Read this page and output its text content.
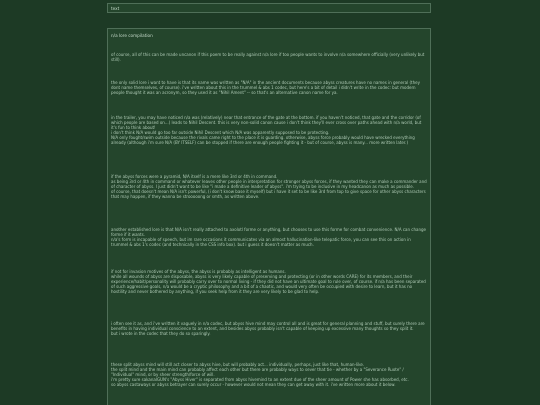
text
n/a lore compilation

of course, all of this can be made uncanon if this poem to be really against n/a lore if too people wants to involve n/a somewhere officially (very unlikely but still).

the only solid lore i want to have is that its name was written as "N/A" in the ancient documents because abyss creatures have no names in general (they dont name themselves, of course). i've written about this in the trummel & abs 1 codec, but here's a bit of detail i didn't write in the codec: but modern people thought it was an acronym, so they used it as "Nihil Ament" -- so that's an alternative canon name for ya.

in the trailer, you may have noticed n/a was (relatively) near that entrance of the gate at the bottom. if you haven't noticed, that gate and the corridor (of which people are based on...) leads to Nihil Descent. this is very non-solid canon cause i don't think they'll ever cross over paths ahead with n/a world, but it's fun to think about!

i don't think N/A would go too far outside Nihil Descent which N/A was apparently supposed to be protecting.

N/A only fought/swim outside because the rivals came right to the place it is guarding. otherwise, abyss force probably would have wrecked everything already (although i'm sure N/A (BY ITSELF) can be stopped if there are enough people fighting it - but of course, abyss is many... more written later.)

if the abyss forces were a pyramid, N/A itself is a mere like 3rd or 4th in command.

as being 3rd or 4th in command or whatever leaves other people in interpretation for stronger abyss forces, if they wanted they can make a commander and of character of abyss. I just didn't want to be like "i made a definitive leader of abyss". i'm trying to be inclusive in my headcanon as much as possible.

of course, that doesn't mean N/A isn't powerful, (i don't know base it myself) but i have it set to be like 3rd from top to give space for other abyss characters that may happen, if they wanna be strooooong or smth, as written above.

another established lore is that N/A isn't really attached to axolotl forme or anything, but chooses to use this forme for combat convenience. N/A can change forme if it wants.

n/a's form is incapable of speech, but im rare occasions it communicates via an almost hallucination-like telepatic force, you can see this on action in trummel & abs 1's codec (and technically in the CSS info box). but i guess it doesn't matter as much.

if not for invasion motives of the abyss, the abyss is probably as intelligent as humans.

while all wounds of abyss are disposable, abyss is very likely capable of preserving and protecting (or in other words CARE) for its members, and their experience/habit/personality will probably carry over to normal living - if they did not have an ultimate goal to rule over, of course. if n/a has been separated of such aggressive goals, n/a would be a cryptic philosophy and a bit of a chaotic, and would very often be occupied with desire to learn, but it has no hostility and never bothered by anything, if you seek help from it they are very likely to be glad to help.

i often see it as, and i've written it vaguely in n/a codec, but abyss hive mind may control all and is great for general planning and stuff, but surely there are benefits in having individual conscience to an extent, and besides abyss probably isn't capable of keeping up excessive many thoughts so they split it.

but i wrote in the codec that they do so sparingly.

these split abyss mind will still act closer to abyss hive, but will probably act... individually, perhaps, just like that, human-like.

the split mind and the main mind can probably affect each other but there are probably ways to sever that tie - whether by a "Severance Ruote" / "Individual" mind, or by sheer strength/force of will.

i'm pretty sure sakanalGUN's "Abyss Hiver" is separated from abyss hivemind to an extent due of the sheer amount of Power she has absorbed, etc.

so abyss castaways or abyss betrayer can surely occur - however would not mean they can get away with it. i've written more about it below.
